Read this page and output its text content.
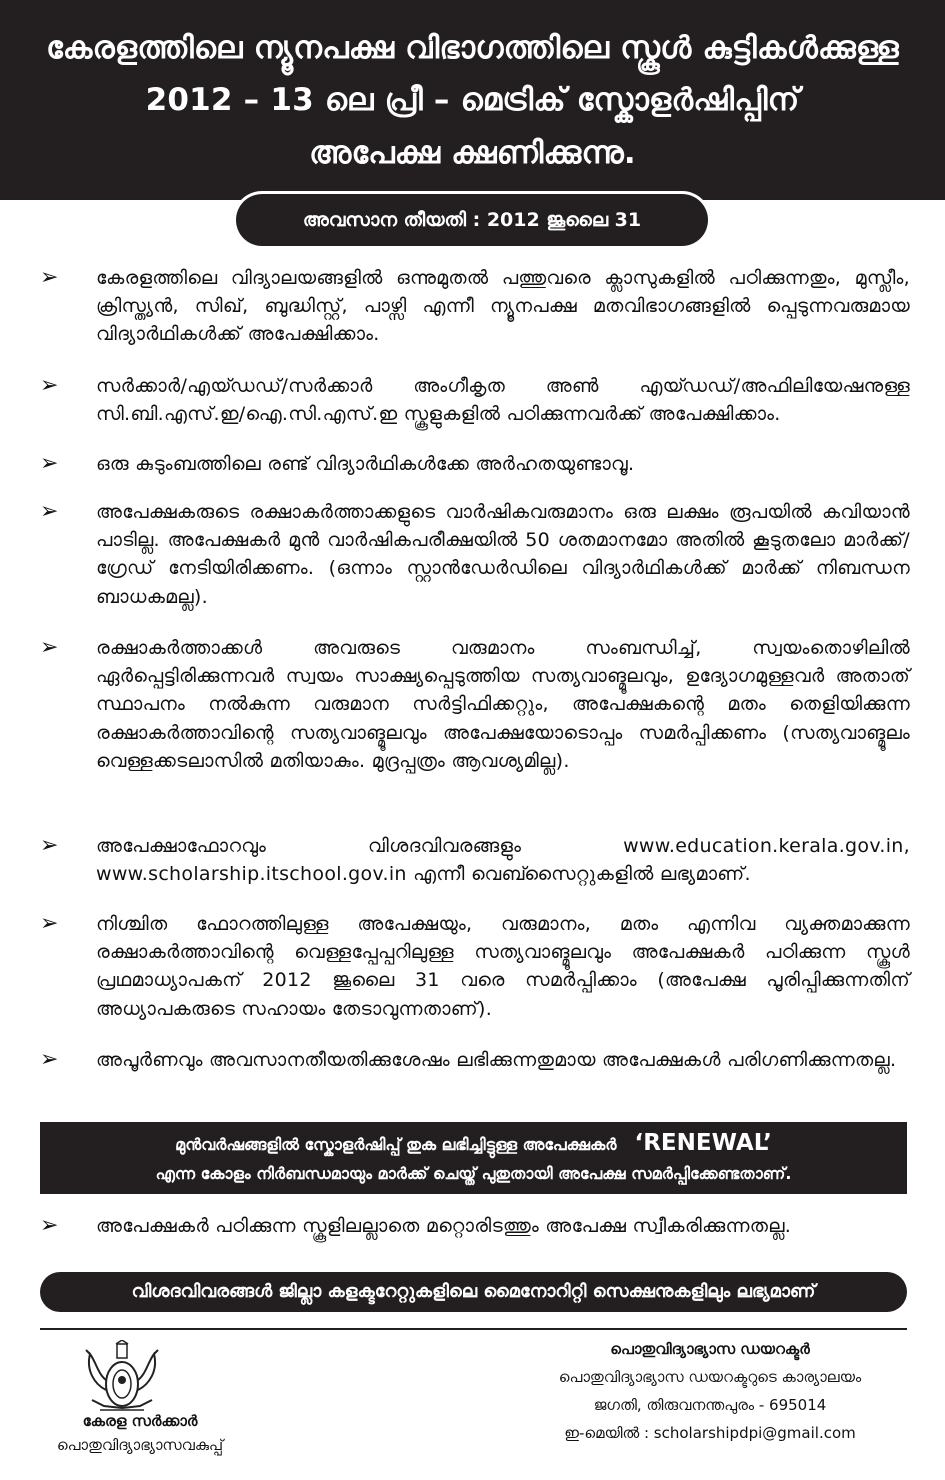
കേരളത്തിലെ ന്യൂനപക്ഷ വിഭാഗത്തിലെ സ്കൂൾ കുട്ടികൾക്കുള്ള
2012 – 13 ലെ പ്രീ – മെട്രിക് സ്കോളർഷിപ്പിന്
അപേക്ഷ ക്ഷണിക്കുന്നു.
അവസാന തീയതി : 2012 ജൂലൈ 31
➢	കേരളത്തിലെ വിദ്യാലയങ്ങളിൽ ഒന്നുമുതൽ പത്തുവരെ ക്ലാസുകളിൽ പഠിക്കുന്നതും, മുസ്ലീം, ക്രിസ്ത്യൻ, സിഖ്, ബുദ്ധിസ്റ്റ്, പാഴ്സി എന്നീ ന്യൂനപക്ഷ മതവിഭാഗങ്ങളിൽ പ്പെടുന്നവരുമായ വിദ്യാർഥികൾക്ക് അപേക്ഷിക്കാം.
➢	സർക്കാർ/എയ്ഡഡ്/സർക്കാർ അംഗീകൃത അൺ എയ്ഡഡ്/അഫിലിയേഷനുള്ള സി.ബി.എസ്.ഇ/ഐ.സി.എസ്.ഇ സ്കൂളുകളിൽ പഠിക്കുന്നവർക്ക് അപേക്ഷിക്കാം.
➢	ഒരു കുടുംബത്തിലെ രണ്ട് വിദ്യാർഥികൾക്കേ അർഹതയുണ്ടാവൂ.
➢	അപേക്ഷകരുടെ രക്ഷാകർത്താക്കളുടെ വാർഷികവരുമാനം ഒരു ലക്ഷം രൂപയിൽ കവിയാൻ പാടില്ല. അപേക്ഷകർ മുൻ വാർഷികപരീക്ഷയിൽ 50 ശതമാനമോ അതിൽ കൂടുതലോ മാർക്ക്/ഗ്രേഡ് നേടിയിരിക്കണം. (ഒന്നാം സ്റ്റാൻഡേർഡിലെ വിദ്യാർഥികൾക്ക് മാർക്ക് നിബന്ധന ബാധകമല്ല).
➢	രക്ഷാകർത്താക്കൾ അവരുടെ വരുമാനം സംബന്ധിച്ച്, സ്വയംതൊഴിലിൽ ഏർപ്പെട്ടിരിക്കുന്നവർ സ്വയം സാക്ഷ്യപ്പെടുത്തിയ സത്യവാങ്മൂലവും, ഉദ്യോഗമുള്ളവർ അതാത് സ്ഥാപനം നൽകുന്ന വരുമാന സർട്ടിഫിക്കറ്റും, അപേക്ഷകന്റെ മതം തെളിയിക്കുന്ന രക്ഷാകർത്താവിന്റെ സത്യവാങ്മൂലവും അപേക്ഷയോടൊപ്പം സമർപ്പിക്കണം (സത്യവാങ്മൂലം വെള്ളക്കടലാസിൽ മതിയാകും. മുദ്രപ്പത്രം ആവശ്യമില്ല).
➢	അപേക്ഷാഫോറവും വിശദവിവരങ്ങളും www.education.kerala.gov.in, www.scholarship.itschool.gov.in എന്നീ വെബ്സൈറ്റുകളിൽ ലഭ്യമാണ്.
➢	നിശ്ചിത ഫോറത്തിലുള്ള അപേക്ഷയും, വരുമാനം, മതം എന്നിവ വ്യക്തമാക്കുന്ന രക്ഷാകർത്താവിന്റെ വെള്ളപ്പേപ്പറിലുള്ള സത്യവാങ്മൂലവും അപേക്ഷകർ പഠിക്കുന്ന സ്കൂൾ പ്രഥമാധ്യാപകന് 2012 ജൂലൈ 31 വരെ സമർപ്പിക്കാം (അപേക്ഷ പൂരിപ്പിക്കുന്നതിന് അധ്യാപകരുടെ സഹായം തേടാവുന്നതാണ്).
➢	അപൂർണവും അവസാനതീയതിക്കുശേഷം ലഭിക്കുന്നതുമായ അപേക്ഷകൾ പരിഗണിക്കുന്നതല്ല.
മുൻവർഷങ്ങളിൽ സ്കോളർഷിപ്പ് തുക ലഭിച്ചിട്ടുള്ള അപേക്ഷകർ ‘RENEWAL’
എന്ന കോളം നിർബന്ധമായും മാർക്ക് ചെയ്ത് പുതുതായി അപേക്ഷ സമർപ്പിക്കേണ്ടതാണ്.
➢	അപേക്ഷകർ പഠിക്കുന്ന സ്കൂളിലല്ലാതെ മറ്റൊരിടത്തും അപേക്ഷ സ്വീകരിക്കുന്നതല്ല.
വിശദവിവരങ്ങൾ ജില്ലാ കളക്ടറേറ്റുകളിലെ മൈനോറിറ്റി സെക്ഷനുകളിലും ലഭ്യമാണ്
കേരള സർക്കാർ
പൊതുവിദ്യാഭ്യാസവകുപ്പ്
പൊതുവിദ്യാഭ്യാസ ഡയറക്ടർ
പൊതുവിദ്യാഭ്യാസ ഡയറക്ടറുടെ കാര്യാലയം
ജഗതി, തിരുവനന്തപുരം - 695014
ഇ-മെയിൽ : scholarshipdpi@gmail.com
